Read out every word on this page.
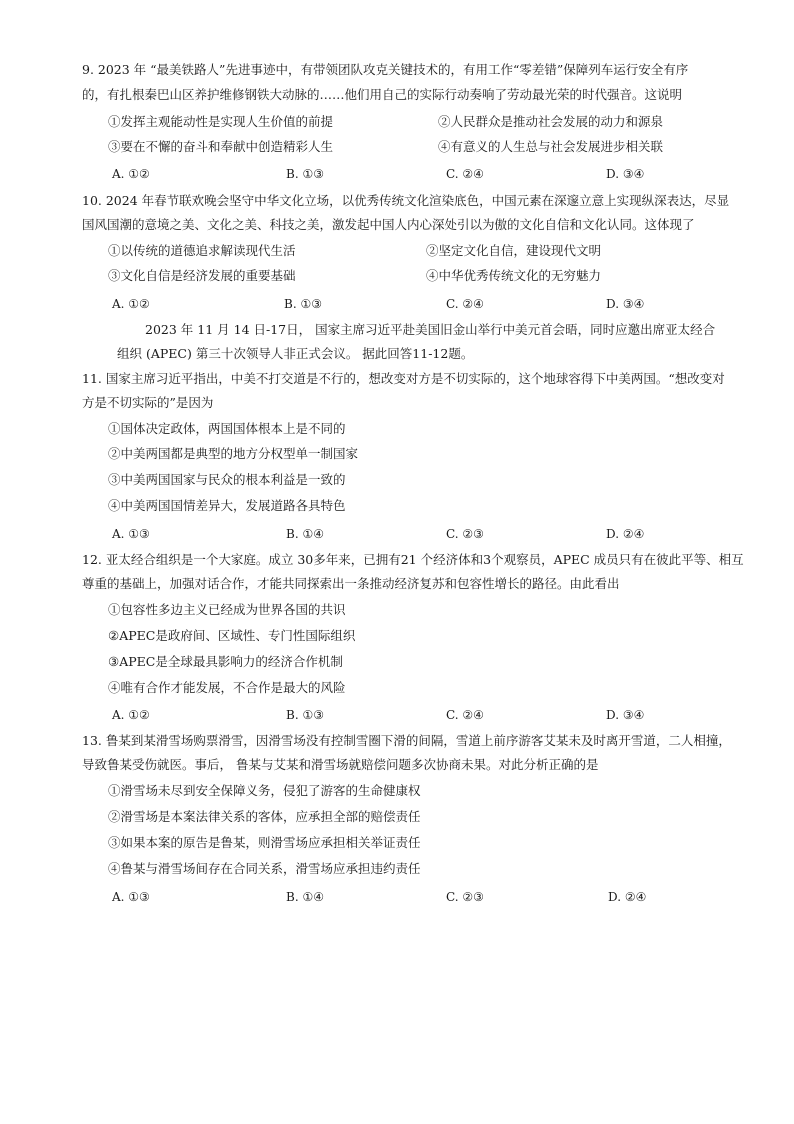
9. 2023 年 “最美铁路人”先进事迹中，有带领团队攻克关键技术的，有用工作“零差错”保障列车运行安全有序
的，有扎根秦巴山区养护维修钢铁大动脉的……他们用自己的实际行动奏响了劳动最光荣的时代强音。这说明
①发挥主观能动性是实现人生价值的前提	②人民群众是推动社会发展的动力和源泉
③要在不懈的奋斗和奉献中创造精彩人生	④有意义的人生总与社会发展进步相关联
A. ①②	B. ①③	C. ②④	D. ③④
10. 2024 年春节联欢晚会坚守中华文化立场，以优秀传统文化渲染底色，中国元素在深邃立意上实现纵深表达，尽显
国风国潮的意境之美、文化之美、科技之美，激发起中国人内心深处引以为傲的文化自信和文化认同。这体现了
①以传统的道德追求解读现代生活	②坚定文化自信，建设现代文明
③文化自信是经济发展的重要基础	④中华优秀传统文化的无穷魅力
A. ①②	B. ①③	C. ②④	D. ③④
2023 年 11 月 14 日-17日， 国家主席习近平赴美国旧金山举行中美元首会晤，同时应邀出席亚太经合
组织 (APEC) 第三十次领导人非正式会议。 据此回答11-12题。
11. 国家主席习近平指出，中美不打交道是不行的，想改变对方是不切实际的，这个地球容得下中美两国。“想改变对
方是不切实际的”是因为
①国体决定政体，两国国体根本上是不同的
②中美两国都是典型的地方分权型单一制国家
③中美两国国家与民众的根本利益是一致的
④中美两国国情差异大，发展道路各具特色
A. ①③	B. ①④	C. ②③	D. ②④
12. 亚太经合组织是一个大家庭。成立 30多年来，已拥有21 个经济体和3个观察员，APEC 成员只有在彼此平等、相互
尊重的基础上，加强对话合作，才能共同探索出一条推动经济复苏和包容性增长的路径。由此看出
①包容性多边主义已经成为世界各国的共识
②APEC是政府间、区域性、专门性国际组织
③APEC是全球最具影响力的经济合作机制
④唯有合作才能发展，不合作是最大的风险
A. ①②	B. ①③	C. ②④	D. ③④
13. 鲁某到某滑雪场购票滑雪，因滑雪场没有控制雪圈下滑的间隔，雪道上前序游客艾某未及时离开雪道，二人相撞，
导致鲁某受伤就医。事后， 鲁某与艾某和滑雪场就赔偿问题多次协商未果。对此分析正确的是
①滑雪场未尽到安全保障义务，侵犯了游客的生命健康权
②滑雪场是本案法律关系的客体，应承担全部的赔偿责任
③如果本案的原告是鲁某，则滑雪场应承担相关举证责任
④鲁某与滑雪场间存在合同关系，滑雪场应承担违约责任
A. ①③	B. ①④	C. ②③	D. ②④
